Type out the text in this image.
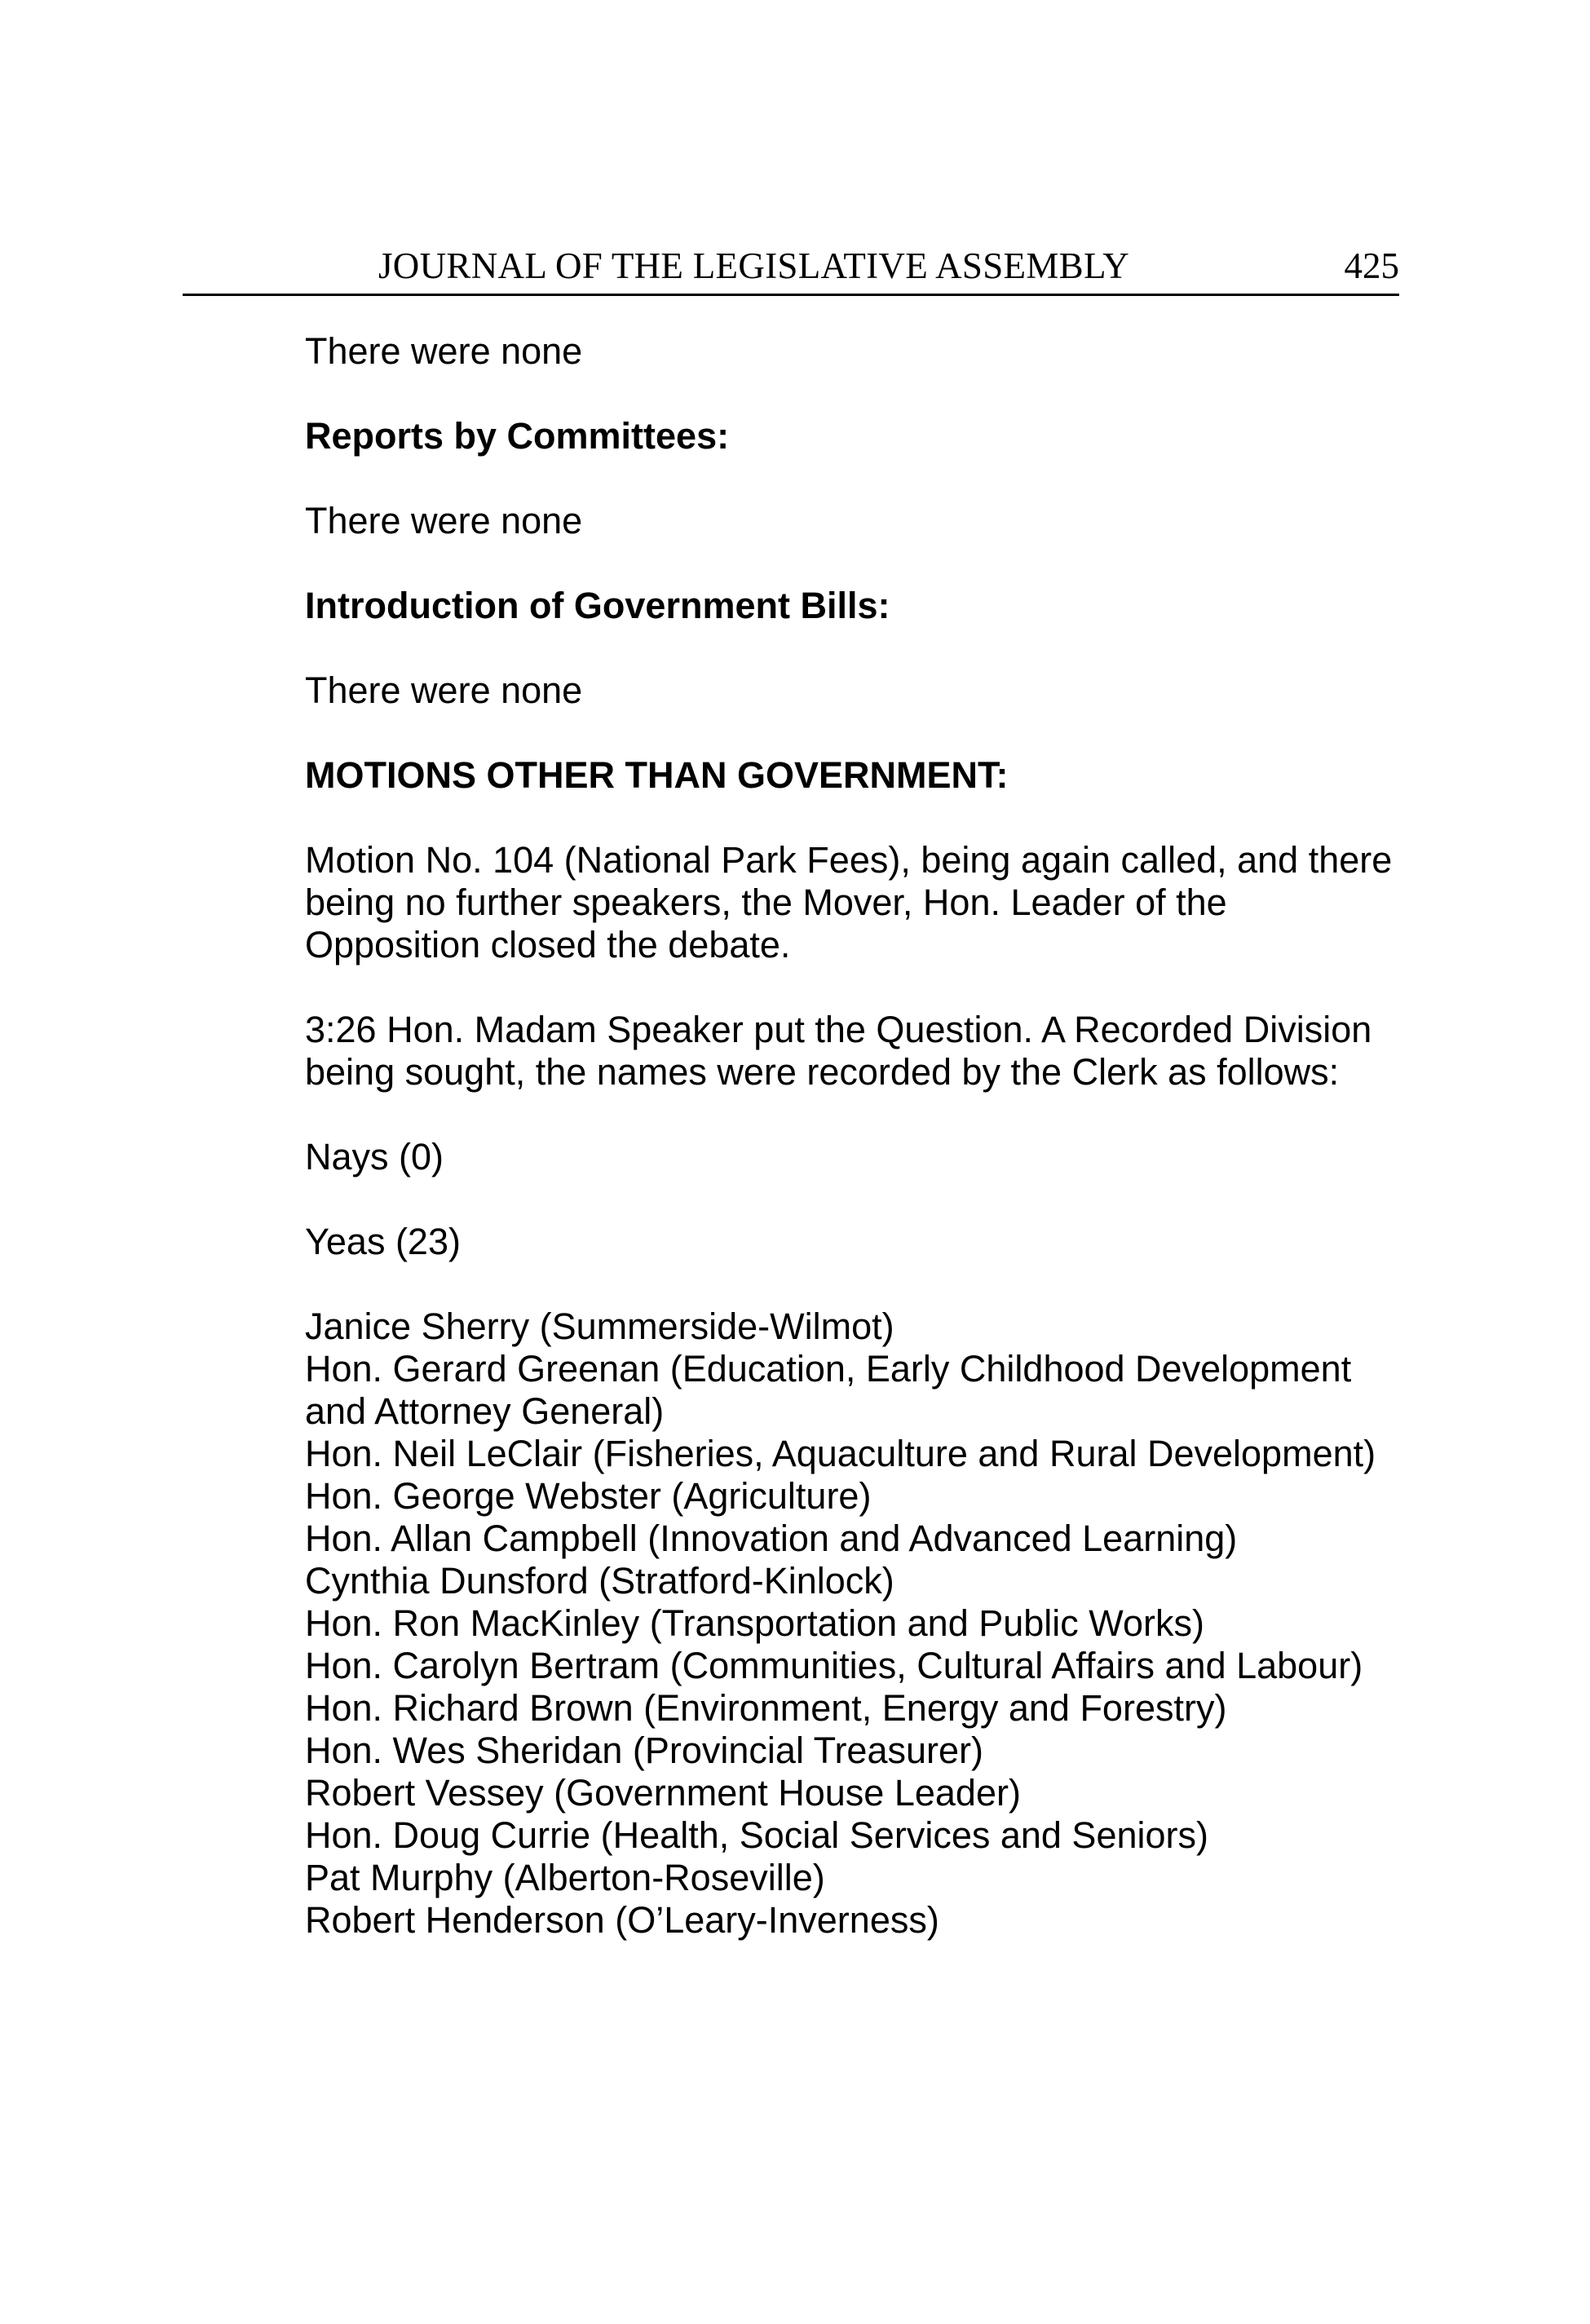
JOURNAL OF THE LEGISLATIVE ASSEMBLY	425

There were none

Reports by Committees:

There were none

Introduction of Government Bills:

There were none

MOTIONS OTHER THAN GOVERNMENT:

Motion No. 104 (National Park Fees), being again called, and there being no further speakers, the Mover, Hon. Leader of the Opposition closed the debate.

3:26 Hon. Madam Speaker put the Question. A Recorded Division being sought, the names were recorded by the Clerk as follows:

Nays (0)

Yeas (23)

Janice Sherry (Summerside-Wilmot)
Hon. Gerard Greenan (Education, Early Childhood Development and Attorney General)
Hon. Neil LeClair (Fisheries, Aquaculture and Rural Development)
Hon. George Webster (Agriculture)
Hon. Allan Campbell (Innovation and Advanced Learning)
Cynthia Dunsford (Stratford-Kinlock)
Hon. Ron MacKinley (Transportation and Public Works)
Hon. Carolyn Bertram (Communities, Cultural Affairs and Labour)
Hon. Richard Brown (Environment, Energy and Forestry)
Hon. Wes Sheridan (Provincial Treasurer)
Robert Vessey (Government House Leader)
Hon. Doug Currie (Health, Social Services and Seniors)
Pat Murphy (Alberton-Roseville)
Robert Henderson (O’Leary-Inverness)
